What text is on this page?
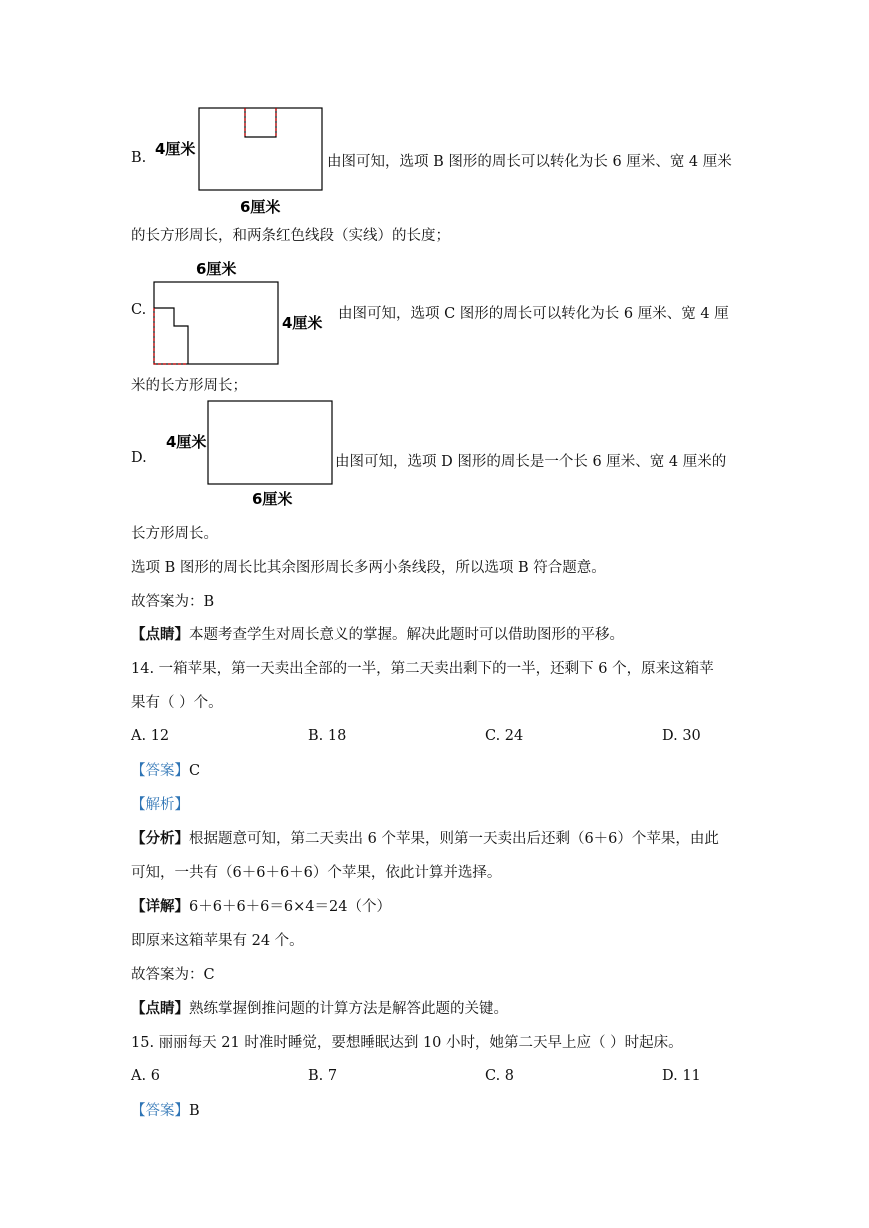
B. 4厘米
6厘米
由图可知，选项 B 图形的周长可以转化为长 6 厘米、宽 4 厘米
的长方形周长，和两条红色线段（实线）的长度；
C.
6厘米
4厘米 由图可知，选项 C 图形的周长可以转化为长 6 厘米、宽 4 厘
米的长方形周长；
D.
4厘米
6厘米
由图可知，选项 D 图形的周长是一个长 6 厘米、宽 4 厘米的
长方形周长。
选项 B 图形的周长比其余图形周长多两小条线段，所以选项 B 符合题意。
故答案为：B
【点睛】本题考查学生对周长意义的掌握。解决此题时可以借助图形的平移。
14. 一箱苹果，第一天卖出全部的一半，第二天卖出剩下的一半，还剩下 6 个，原来这箱苹
果有（ ）个。
A. 12	B. 18	C. 24	D. 30
【答案】C
【解析】
【分析】根据题意可知，第二天卖出 6 个苹果，则第一天卖出后还剩（6＋6）个苹果，由此
可知，一共有（6＋6＋6＋6）个苹果，依此计算并选择。
【详解】6＋6＋6＋6＝6×4＝24（个）
即原来这箱苹果有 24 个。
故答案为：C
【点睛】熟练掌握倒推问题的计算方法是解答此题的关键。
15. 丽丽每天 21 时准时睡觉，要想睡眠达到 10 小时，她第二天早上应（ ）时起床。
A. 6	B. 7	C. 8	D. 11
【答案】B
